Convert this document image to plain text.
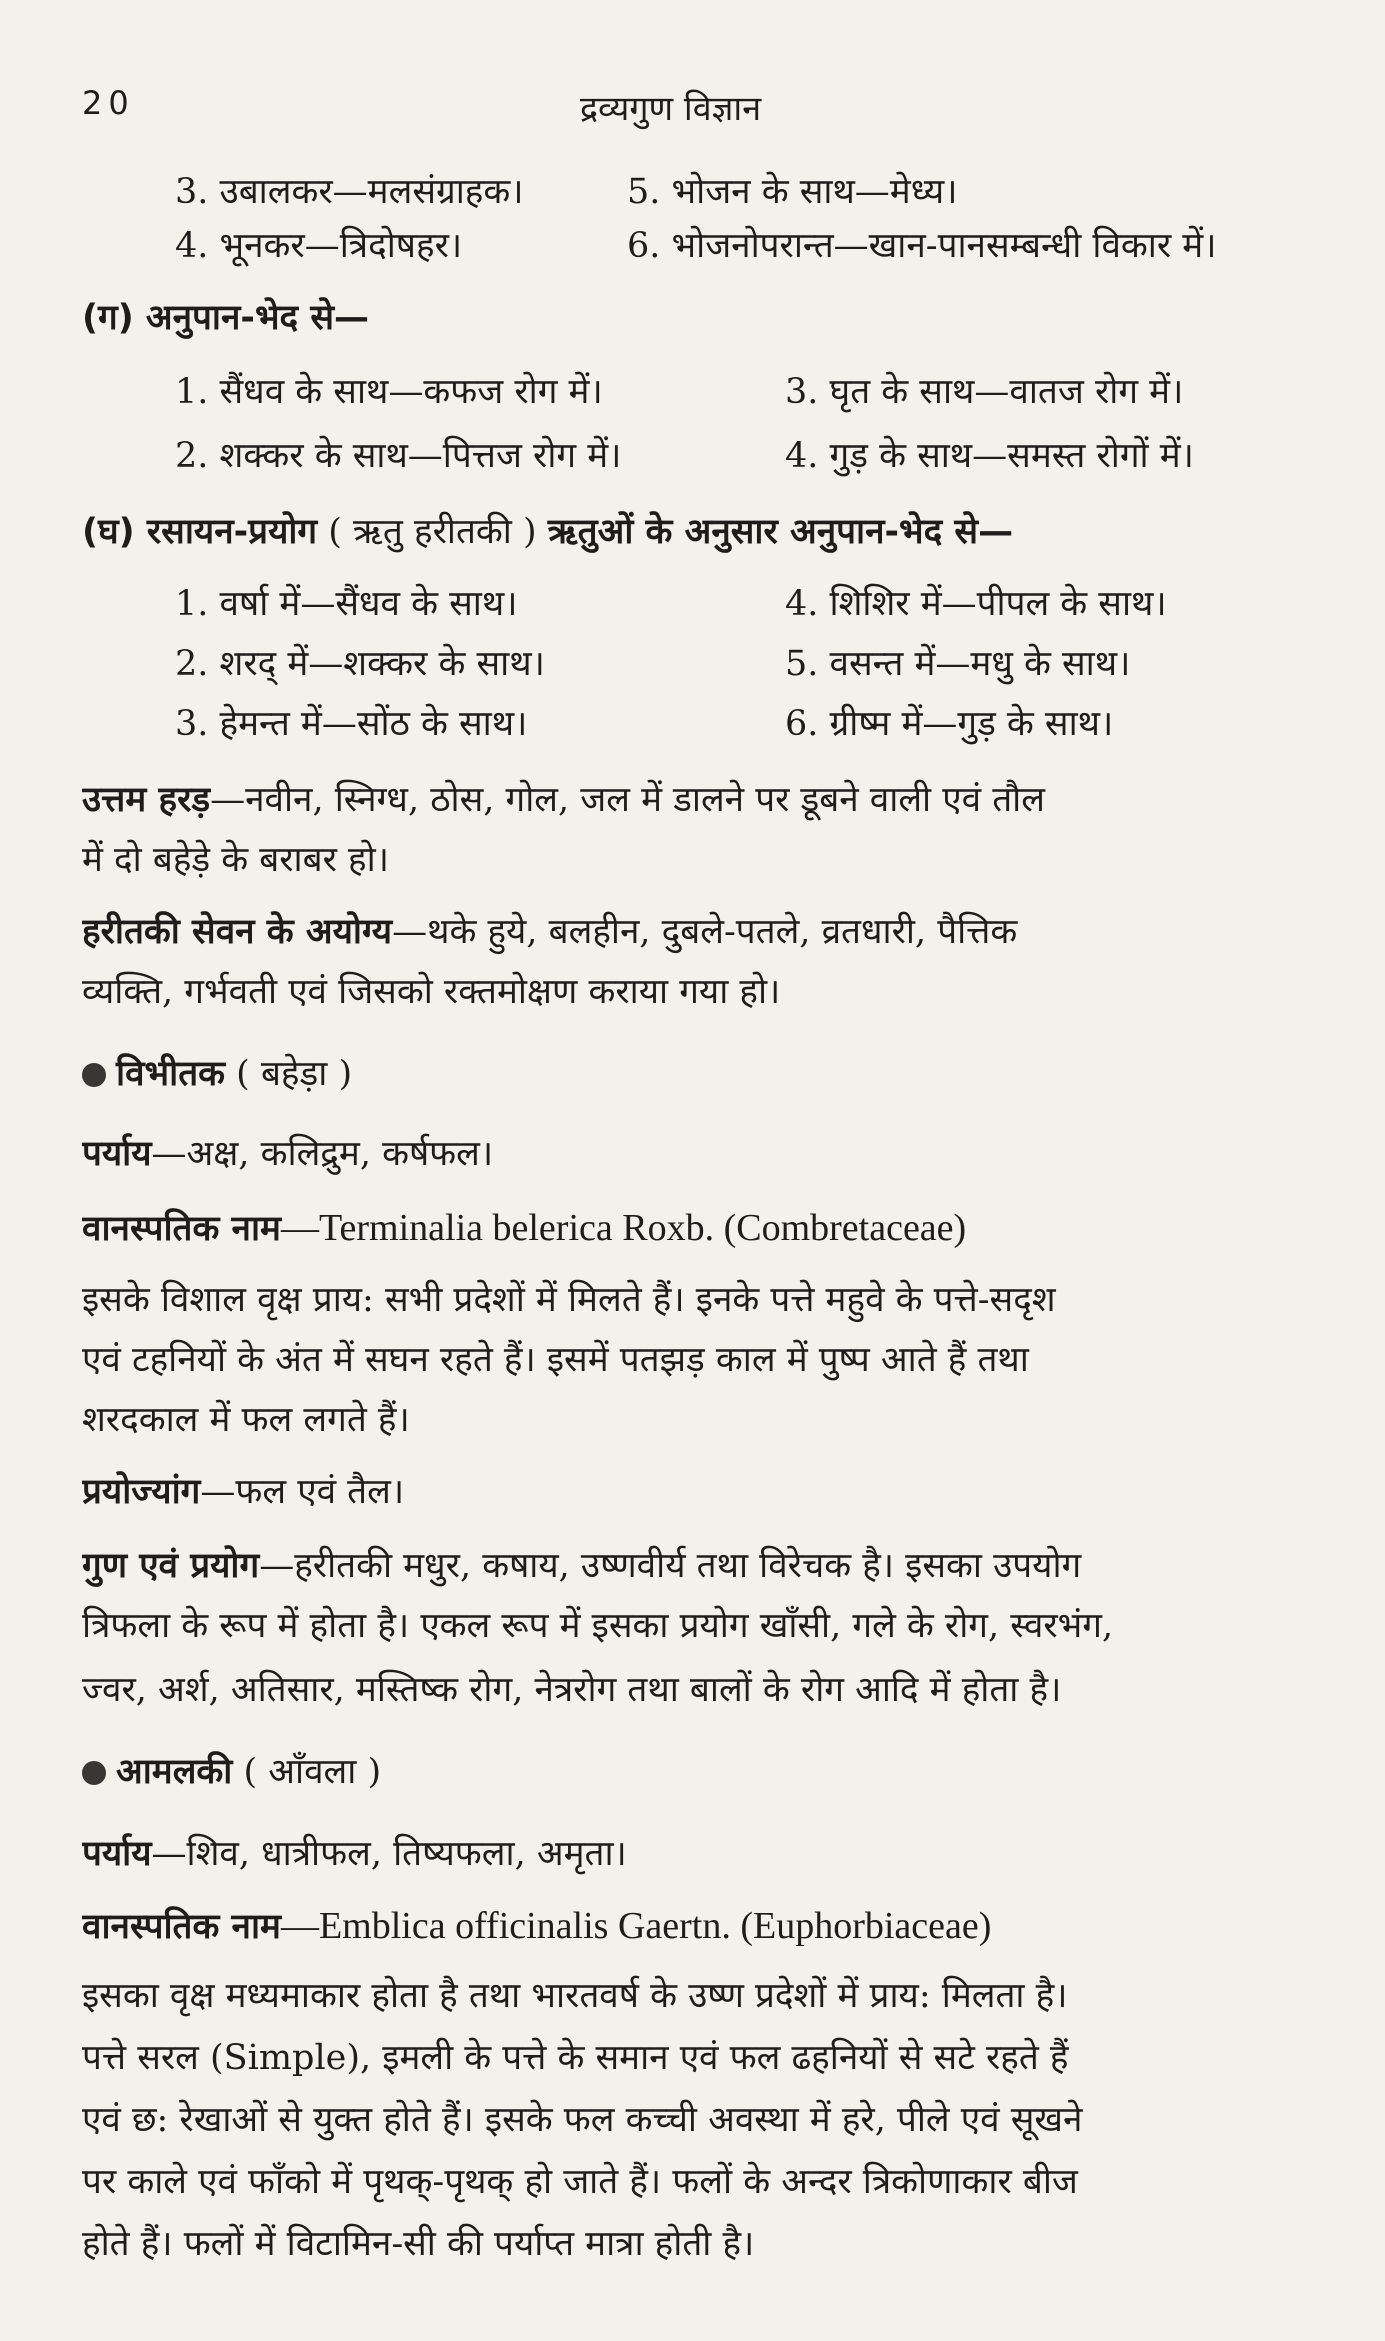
20	द्रव्यगुण विज्ञान
3. उबालकर—मलसंग्राहक।	5. भोजन के साथ—मेध्य।
4. भूनकर—त्रिदोषहर।	6. भोजनोपरान्त—खान-पानसम्बन्धी विकार में।
(ग) अनुपान-भेद से—
1. सैंधव के साथ—कफज रोग में।	3. घृत के साथ—वातज रोग में।
2. शक्कर के साथ—पित्तज रोग में।	4. गुड़ के साथ—समस्त रोगों में।
(घ) रसायन-प्रयोग ( ऋतु हरीतकी ) ऋतुओं के अनुसार अनुपान-भेद से—
1. वर्षा में—सैंधव के साथ।	4. शिशिर में—पीपल के साथ।
2. शरद् में—शक्कर के साथ।	5. वसन्त में—मधु के साथ।
3. हेमन्त में—सोंठ के साथ।	6. ग्रीष्म में—गुड़ के साथ।
उत्तम हरड़—नवीन, स्निग्ध, ठोस, गोल, जल में डालने पर डूबने वाली एवं तौल
में दो बहेड़े के बराबर हो।
हरीतकी सेवन के अयोग्य—थके हुये, बलहीन, दुबले-पतले, व्रतधारी, पैत्तिक
व्यक्ति, गर्भवती एवं जिसको रक्तमोक्षण कराया गया हो।
विभीतक ( बहेड़ा )
पर्याय—अक्ष, कलिद्रुम, कर्षफल।
वानस्पतिक नाम—Terminalia belerica Roxb. (Combretaceae)
इसके विशाल वृक्ष प्राय: सभी प्रदेशों में मिलते हैं। इनके पत्ते महुवे के पत्ते-सदृश
एवं टहनियों के अंत में सघन रहते हैं। इसमें पतझड़ काल में पुष्प आते हैं तथा
शरदकाल में फल लगते हैं।
प्रयोज्यांग—फल एवं तैल।
गुण एवं प्रयोग—हरीतकी मधुर, कषाय, उष्णवीर्य तथा विरेचक है। इसका उपयोग
त्रिफला के रूप में होता है। एकल रूप में इसका प्रयोग खाँसी, गले के रोग, स्वरभंग,
ज्वर, अर्श, अतिसार, मस्तिष्क रोग, नेत्ररोग तथा बालों के रोग आदि में होता है।
आमलकी ( आँवला )
पर्याय—शिव, धात्रीफल, तिष्यफला, अमृता।
वानस्पतिक नाम—Emblica officinalis Gaertn. (Euphorbiaceae)
इसका वृक्ष मध्यमाकार होता है तथा भारतवर्ष के उष्ण प्रदेशों में प्राय: मिलता है।
पत्ते सरल (Simple), इमली के पत्ते के समान एवं फल ढहनियों से सटे रहते हैं
एवं छ: रेखाओं से युक्त होते हैं। इसके फल कच्ची अवस्था में हरे, पीले एवं सूखने
पर काले एवं फाँको में पृथक्-पृथक् हो जाते हैं। फलों के अन्दर त्रिकोणाकार बीज
होते हैं। फलों में विटामिन-सी की पर्याप्त मात्रा होती है।
